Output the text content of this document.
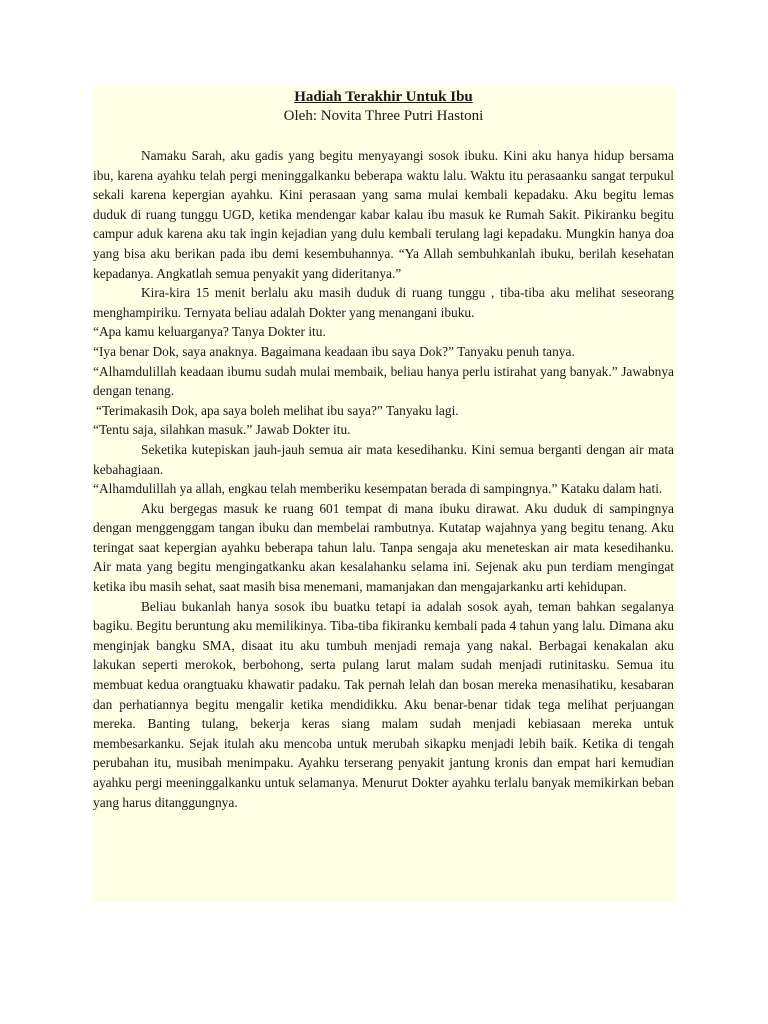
Hadiah Terakhir Untuk Ibu

Oleh: Novita Three Putri Hastoni

Namaku Sarah, aku gadis yang begitu menyayangi sosok ibuku. Kini aku hanya hidup bersama ibu, karena ayahku telah pergi meninggalkanku beberapa waktu lalu. Waktu itu perasaanku sangat terpukul sekali karena kepergian ayahku. Kini perasaan yang sama mulai kembali kepadaku. Aku begitu lemas duduk di ruang tunggu UGD, ketika mendengar kabar kalau ibu masuk ke Rumah Sakit. Pikiranku begitu campur aduk karena aku tak ingin kejadian yang dulu kembali terulang lagi kepadaku. Mungkin hanya doa yang bisa aku berikan pada ibu demi kesembuhannya. “Ya Allah sembuhkanlah ibuku, berilah kesehatan kepadanya. Angkatlah semua penyakit yang dideritanya.”

Kira-kira 15 menit berlalu aku masih duduk di ruang tunggu , tiba-tiba aku melihat seseorang menghampiriku. Ternyata beliau adalah Dokter yang menangani ibuku.

“Apa kamu keluarganya? Tanya Dokter itu.

“Iya benar Dok, saya anaknya. Bagaimana keadaan ibu saya Dok?” Tanyaku penuh tanya.

“Alhamdulillah keadaan ibumu sudah mulai membaik, beliau hanya perlu istirahat yang banyak.” Jawabnya dengan tenang.

“Terimakasih Dok, apa saya boleh melihat ibu saya?” Tanyaku lagi.

“Tentu saja, silahkan masuk.” Jawab Dokter itu.

Seketika kutepiskan jauh-jauh semua air mata kesedihanku. Kini semua berganti dengan air mata kebahagiaan.

“Alhamdulillah ya allah, engkau telah memberiku kesempatan berada di sampingnya.” Kataku dalam hati.

Aku bergegas masuk ke ruang 601 tempat di mana ibuku dirawat. Aku duduk di sampingnya dengan menggenggam tangan ibuku dan membelai rambutnya. Kutatap wajahnya yang begitu tenang. Aku teringat saat kepergian ayahku beberapa tahun lalu. Tanpa sengaja aku meneteskan air mata kesedihanku. Air mata yang begitu mengingatkanku akan kesalahanku selama ini. Sejenak aku pun terdiam mengingat ketika ibu masih sehat, saat masih bisa menemani, mamanjakan dan mengajarkanku arti kehidupan.

Beliau bukanlah hanya sosok ibu buatku tetapi ia adalah sosok ayah, teman bahkan segalanya bagiku. Begitu beruntung aku memilikinya. Tiba-tiba fikiranku kembali pada 4 tahun yang lalu. Dimana aku menginjak bangku SMA, disaat itu aku tumbuh menjadi remaja yang nakal. Berbagai kenakalan aku lakukan seperti merokok, berbohong, serta pulang larut malam sudah menjadi rutinitasku. Semua itu membuat kedua orangtuaku khawatir padaku. Tak pernah lelah dan bosan mereka menasihatiku, kesabaran dan perhatiannya begitu mengalir ketika mendidikku. Aku benar-benar tidak tega melihat perjuangan mereka. Banting tulang, bekerja keras siang malam sudah menjadi kebiasaan mereka untuk membesarkanku. Sejak itulah aku mencoba untuk merubah sikapku menjadi lebih baik. Ketika di tengah perubahan itu, musibah menimpaku. Ayahku terserang penyakit jantung kronis dan empat hari kemudian ayahku pergi meeninggalkanku untuk selamanya. Menurut Dokter ayahku terlalu banyak memikirkan beban yang harus ditanggungnya.
